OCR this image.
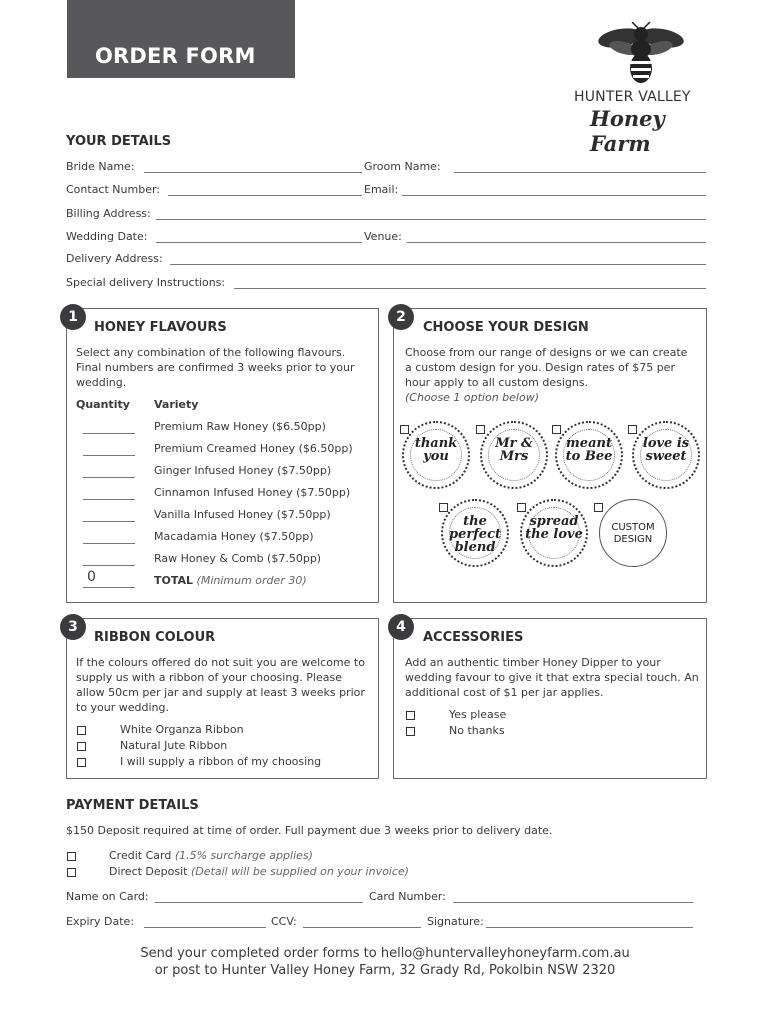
ORDER FORM
HUNTER VALLEY
Honey Farm
YOUR DETAILS
Bride Name:	Groom Name:
Contact Number:	Email:
Billing Address:
Wedding Date:	Venue:
Delivery Address:
Special delivery Instructions:
1
HONEY FLAVOURS
Select any combination of the following flavours. Final numbers are confirmed 3 weeks prior to your wedding.
Quantity Variety
Premium Raw Honey ($6.50pp)
Premium Creamed Honey ($6.50pp)
Ginger Infused Honey ($7.50pp)
Cinnamon Infused Honey ($7.50pp)
Vanilla Infused Honey ($7.50pp)
Macadamia Honey ($7.50pp)
Raw Honey & Comb ($7.50pp)
0	TOTAL (Minimum order 30)
2
CHOOSE YOUR DESIGN
Choose from our range of designs or we can create a custom design for you. Design rates of $75 per hour apply to all custom designs.
(Choose 1 option below)
thank you
Mr & Mrs
meant to Bee
love is sweet
the perfect blend
spread the love	CUSTOM DESIGN
3
RIBBON COLOUR
If the colours offered do not suit you are welcome to supply us with a ribbon of your choosing. Please allow 50cm per jar and supply at least 3 weeks prior to your wedding.
White Organza Ribbon
Natural Jute Ribbon
I will supply a ribbon of my choosing
4
ACCESSORIES
Add an authentic timber Honey Dipper to your wedding favour to give it that extra special touch. An additional cost of $1 per jar applies.
Yes please
No thanks
PAYMENT DETAILS
$150 Deposit required at time of order. Full payment due 3 weeks prior to delivery date.
Credit Card (1.5% surcharge applies)
Direct Deposit (Detail will be supplied on your invoice)
Name on Card:	Card Number:
Expiry Date:	CCV:	Signature:
Send your completed order forms to hello@huntervalleyhoneyfarm.com.au
or post to Hunter Valley Honey Farm, 32 Grady Rd, Pokolbin NSW 2320
